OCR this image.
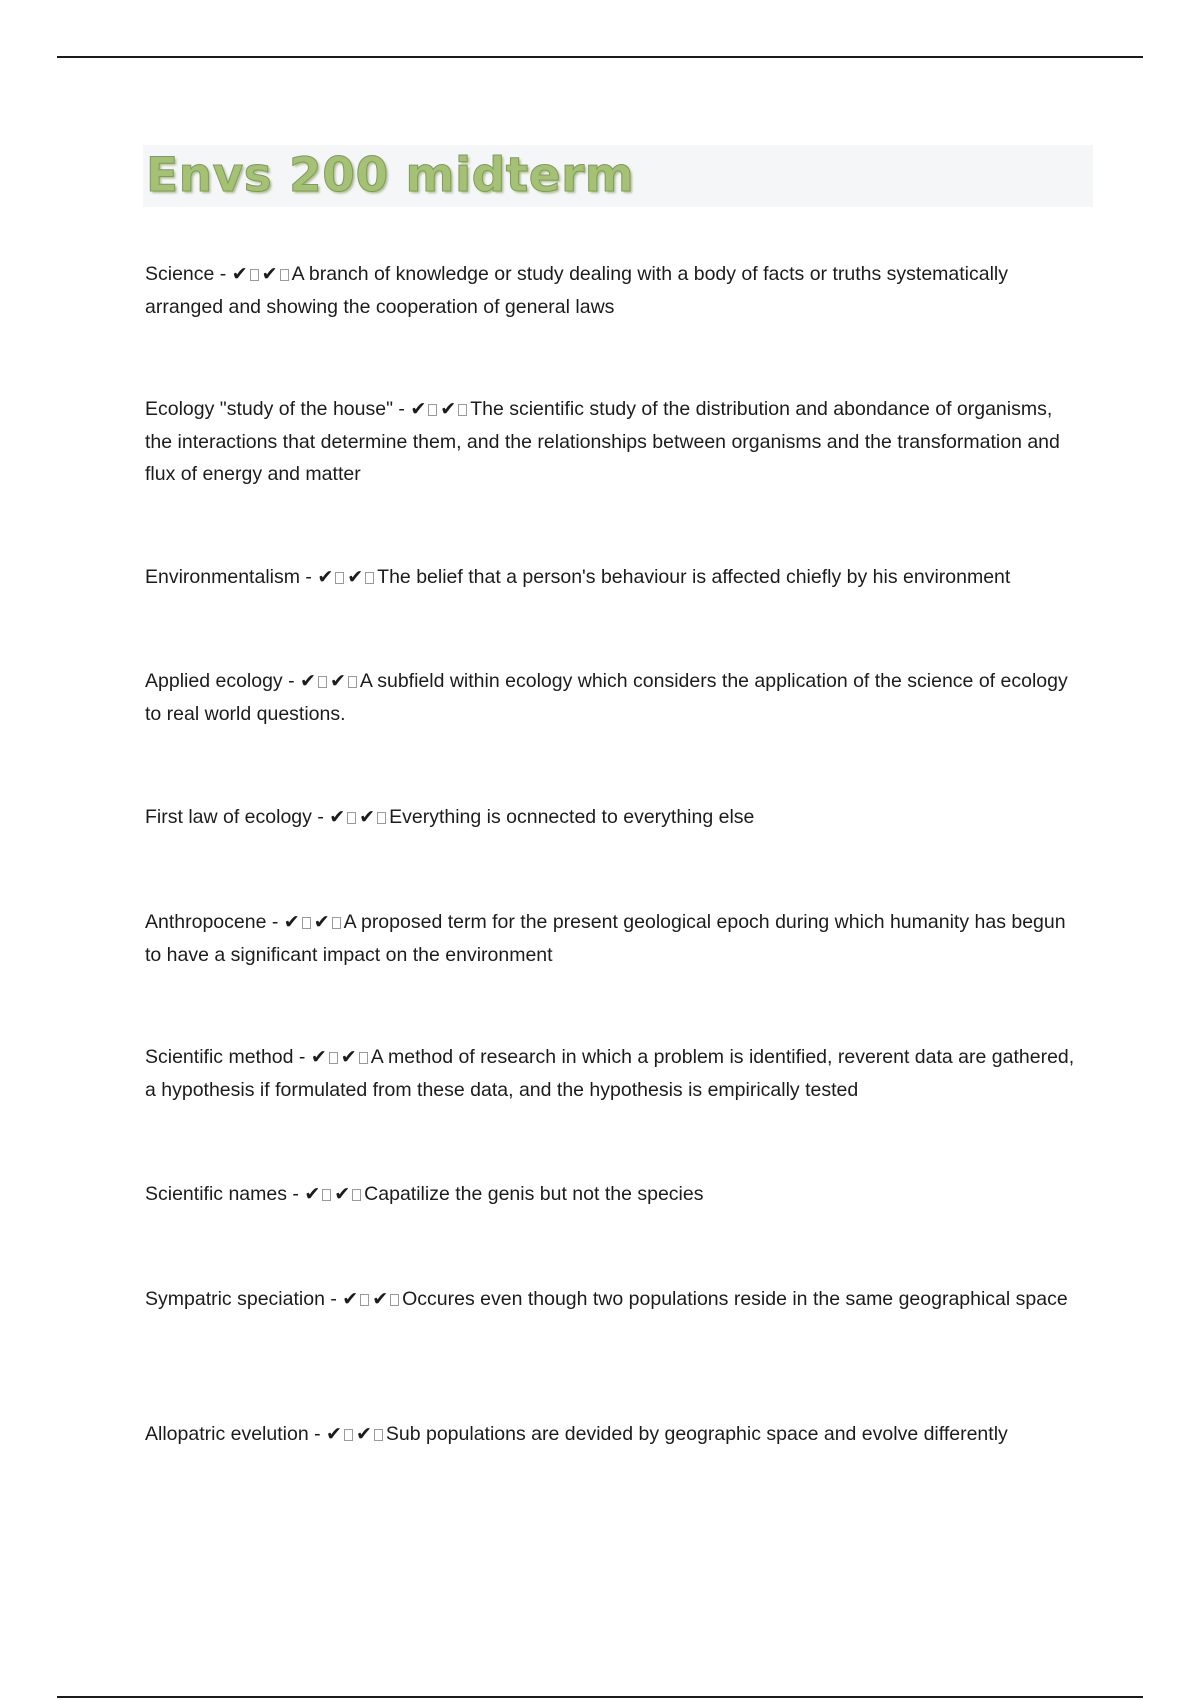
Envs 200 midterm
Science - ✔ ✔ A branch of knowledge or study dealing with a body of facts or truths systematically arranged and showing the cooperation of general laws
Ecology "study of the house" - ✔ ✔ The scientific study of the distribution and abondance of organisms, the interactions that determine them, and the relationships between organisms and the transformation and flux of energy and matter
Environmentalism - ✔ ✔ The belief that a person's behaviour is affected chiefly by his environment
Applied ecology - ✔ ✔ A subfield within ecology which considers the application of the science of ecology to real world questions.
First law of ecology - ✔ ✔ Everything is ocnnected to everything else
Anthropocene - ✔ ✔ A proposed term for the present geological epoch during which humanity has begun to have a significant impact on the environment
Scientific method - ✔ ✔ A method of research in which a problem is identified, reverent data are gathered, a hypothesis if formulated from these data, and the hypothesis is empirically tested
Scientific names - ✔ ✔ Capatilize the genis but not the species
Sympatric speciation - ✔ ✔ Occures even though two populations reside in the same geographical space
Allopatric evelution - ✔ ✔ Sub populations are devided by geographic space and evolve differently
